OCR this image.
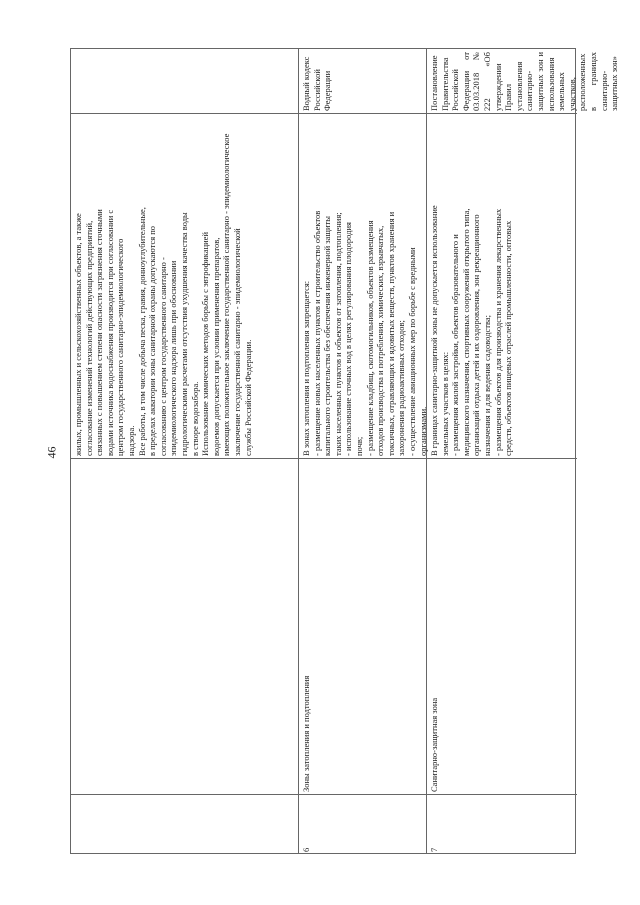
46 жилых, промышленных и сельскохозяйственных объектов, а также согласование изменений технологий действующих предприятий, связанных с повышением степени опасности загрязнения сточными водами источника водоснабжения производится при согласовании с центром государственного санитарно-эпидемиологического надзора. Все работы, в том числе добыча песка, гравия, донноуглубительные, в пределах акватории зоны санитарной охраны допускаются по согласованию с центром государственного санитарно - эпидемиологического надзора лишь при обосновании гидрологическими расчетами отсутствия ухудшения качества воды в створе водозабора. Использование химических методов борьбы с эвтрофикацией водоемов допускается при условии применения препаратов, имеющих положительное заключение государственной санитарно - эпидемиологическое заключение государственной санитарно - эпидемиологической службы Российской Федерации.
Водный кодекс Российской Федерации
В зонах затопления и подтопления запрещается: - размещение новых населенных пунктов и строительство объектов капитального строительства без обеспечения инженерной защиты таких населенных пунктов и объектов от затопления, подтопления; - использование сточных вод в целях регулирования плодородия почв; - размещение кладбищ, скотомогильников, объектов размещения отходов производства и потребления, химических, взрывчатых, токсичных, отравляющих и ядовитых веществ, пунктов хранения и захоронения радиоактивных отходов; - осуществление авиационных мер по борьбе с вредными организмами.
Зоны затопления и подтопления
6
Постановление Правительства Российской Федерации от 03.03.2018 № 222 «Об утверждении Правил установления санитарно-защитных зон и использования земельных участков, расположенных в границах санитарно-защитных зон»
В границах санитарно-защитной зоны не допускается использование земельных участков в целях: - размещения жилой застройки, объектов образовательного и медицинского назначения, спортивных сооружений открытого типа, организаций отдыха детей и их оздоровления, зон рекреационного назначения и для ведения садоводства; - размещения объектов для производства и хранения лекарственных средств, объектов пищевых отраслей промышленности, оптовых
Санитарно-защитная зона
7
